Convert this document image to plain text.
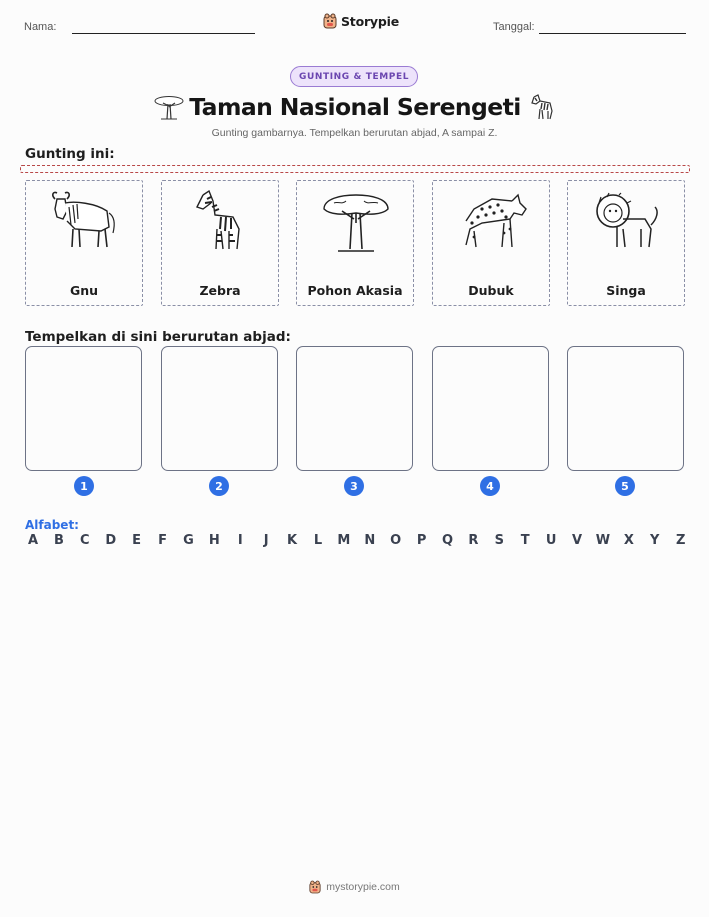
Nama:	Storypie	Tanggal:
GUNTING & TEMPEL
Taman Nasional Serengeti
Gunting gambarnya. Tempelkan berurutan abjad, A sampai Z.
Gunting ini:
Gnu	Zebra	Pohon Akasia	Dubuk	Singa
Tempelkan di sini berurutan abjad:
1	2	3	4	5
Alfabet:
A	B	C	D	E	F	G H	I	J	K	L	M N O	P	Q	R	S	T	U	V	W	X	Y	Z
mystorypie.com
